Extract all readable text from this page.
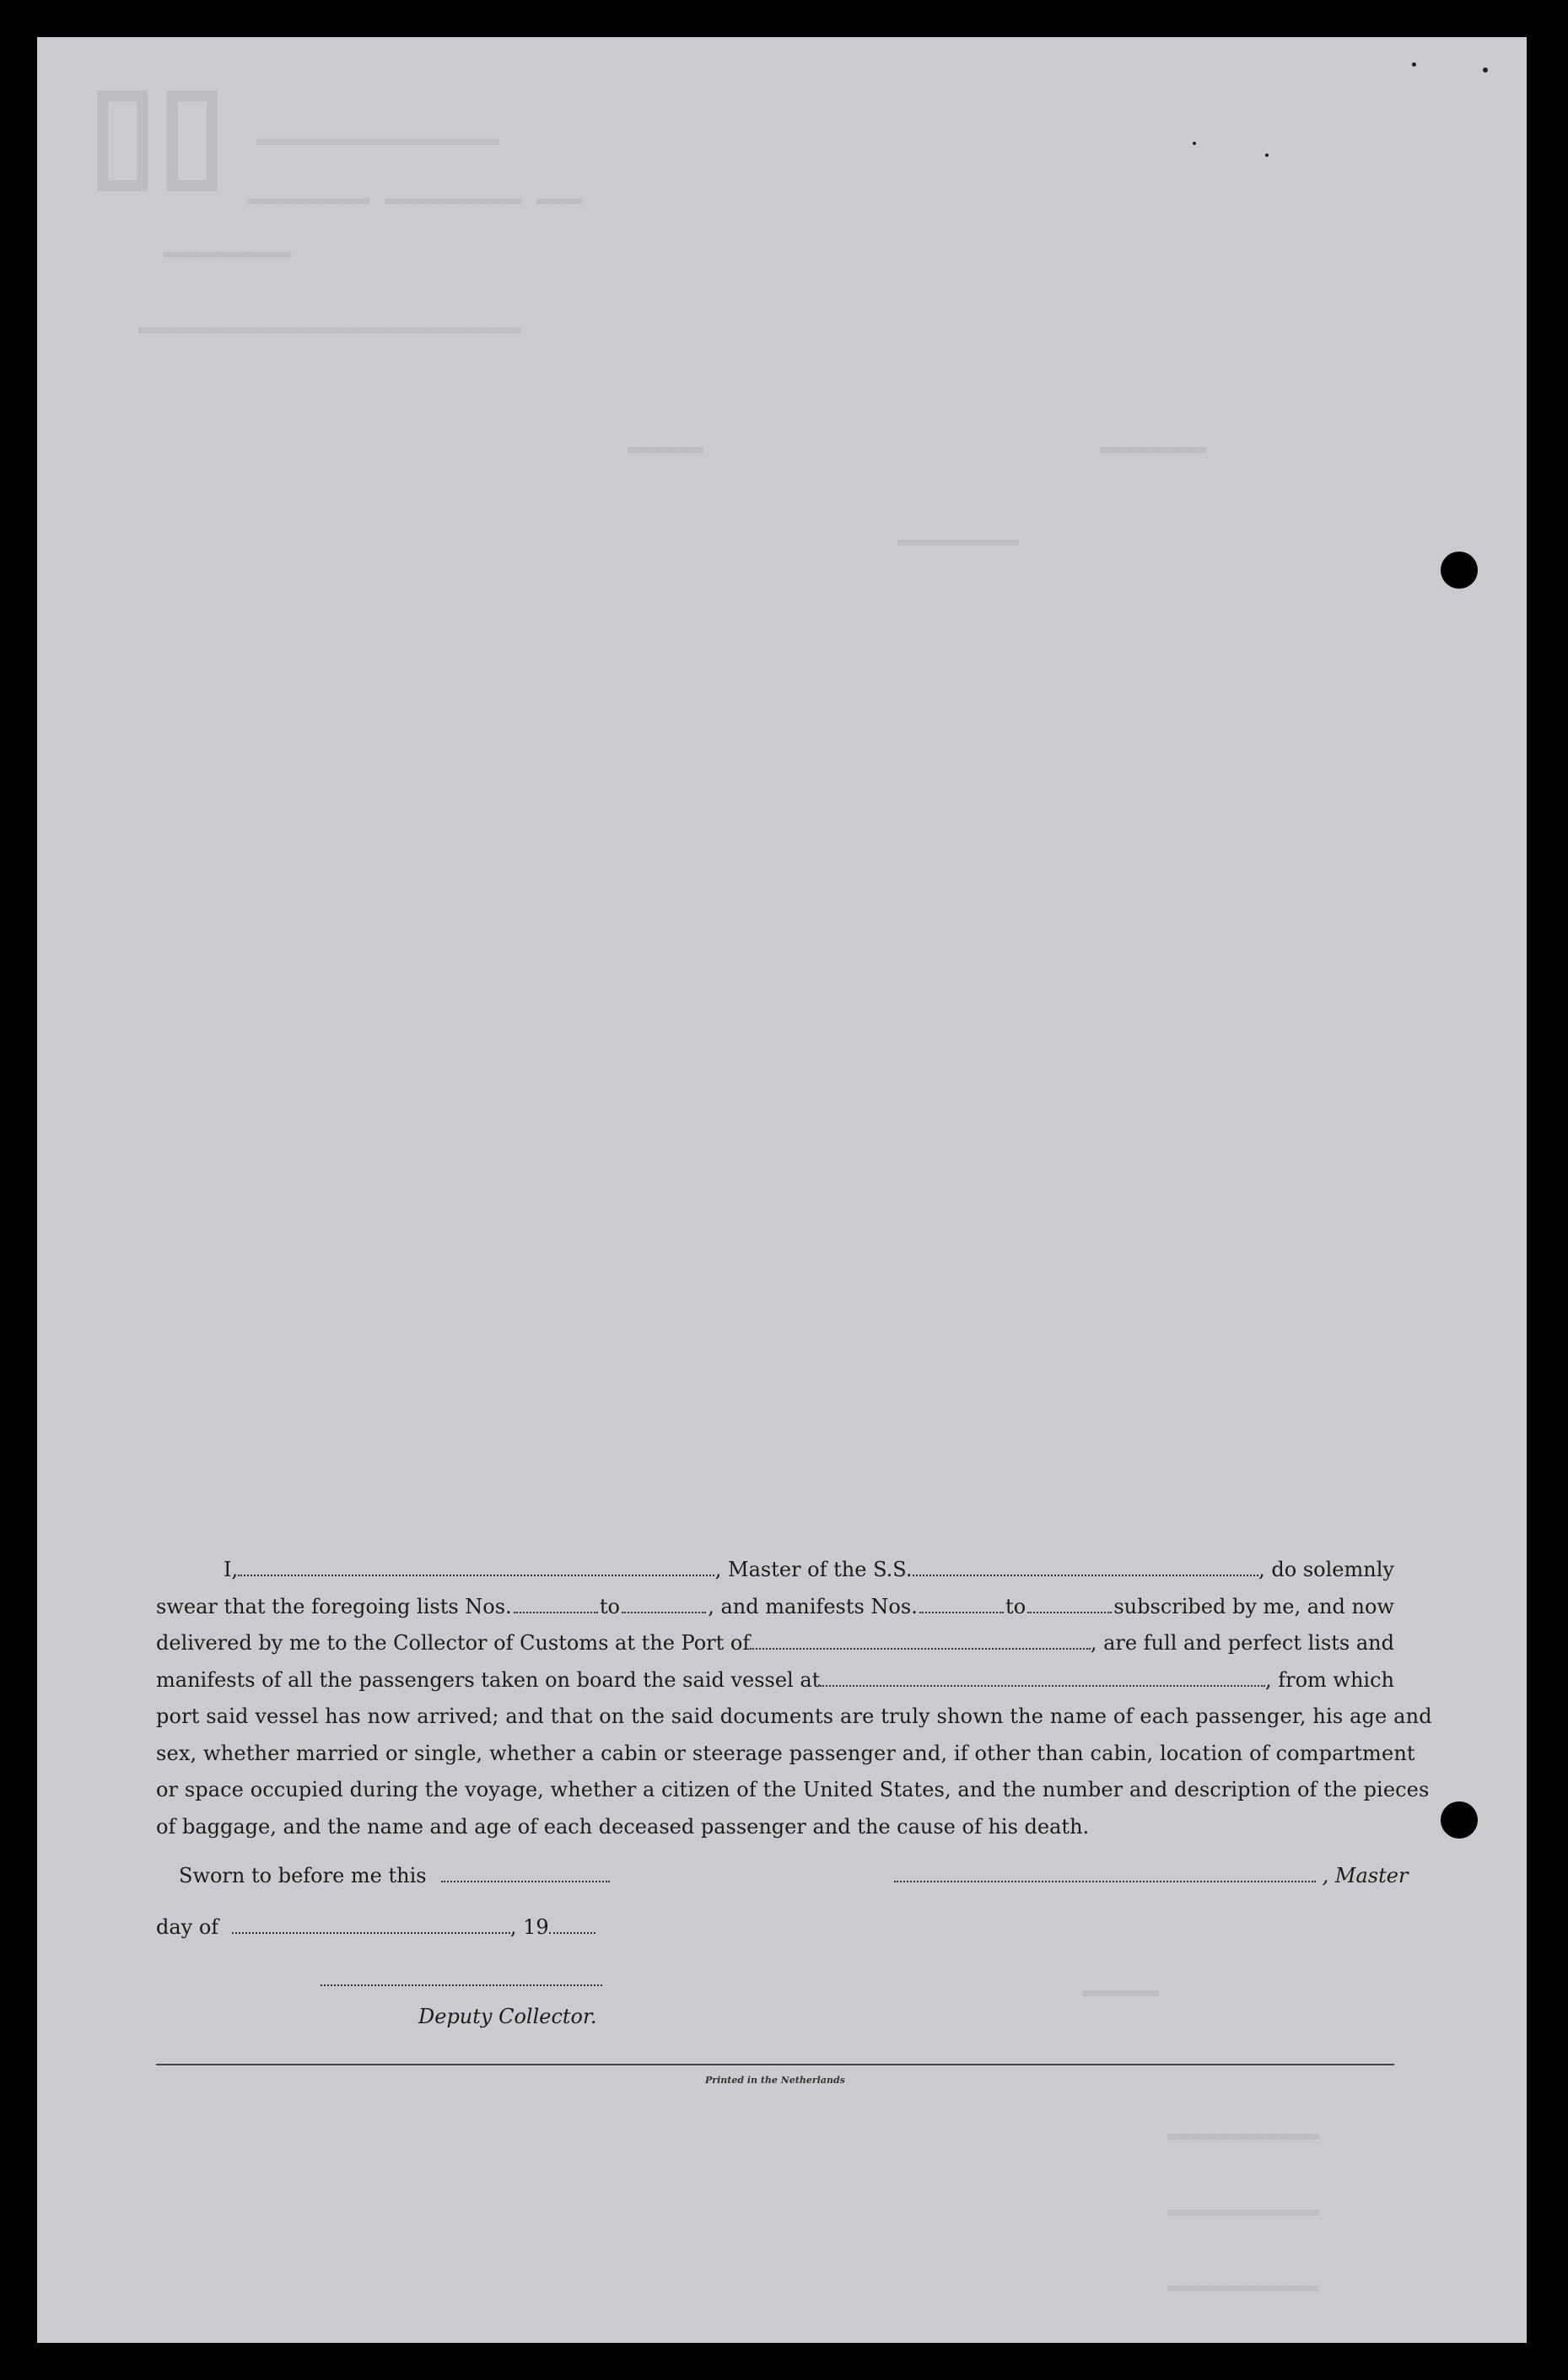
▯▯ ▬▬▬▬▬▬▬▬▬▬▬▬▬▬▬▬
▬▬▬▬▬▬▬▬ ▬▬▬▬▬▬▬▬▬ ▬▬▬
▬▬▬▬▬▬▬▬▬
▬▬▬▬▬▬▬▬▬▬▬▬▬▬▬▬▬▬▬▬▬▬▬▬▬▬▬
▬▬▬▬▬	▬▬▬▬▬▬▬
▬▬▬▬▬▬▬▬
▬▬▬▬▬
▬▬▬▬▬▬▬▬▬▬
▬▬▬▬▬▬▬▬▬▬
▬▬▬▬▬▬▬▬▬▬
I,	, Master of the S.S.	, do solemnly
swear that the foregoing lists Nos.	to	, and manifests Nos.	to	subscribed by me, and now
delivered by me to the Collector of Customs at the Port of	, are full and perfect lists and
manifests of all the passengers taken on board the said vessel at	, from which
port said vessel has now arrived; and that on the said documents are truly shown the name of each passenger, his age and
sex, whether married or single, whether a cabin or steerage passenger and, if other than cabin, location of compartment
or space occupied during the voyage, whether a citizen of the United States, and the number and description of the pieces
of baggage, and the name and age of each deceased passenger and the cause of his death.
Sworn to before me this	, Master
day of	, 19
Deputy Collector.
Printed in the Netherlands
